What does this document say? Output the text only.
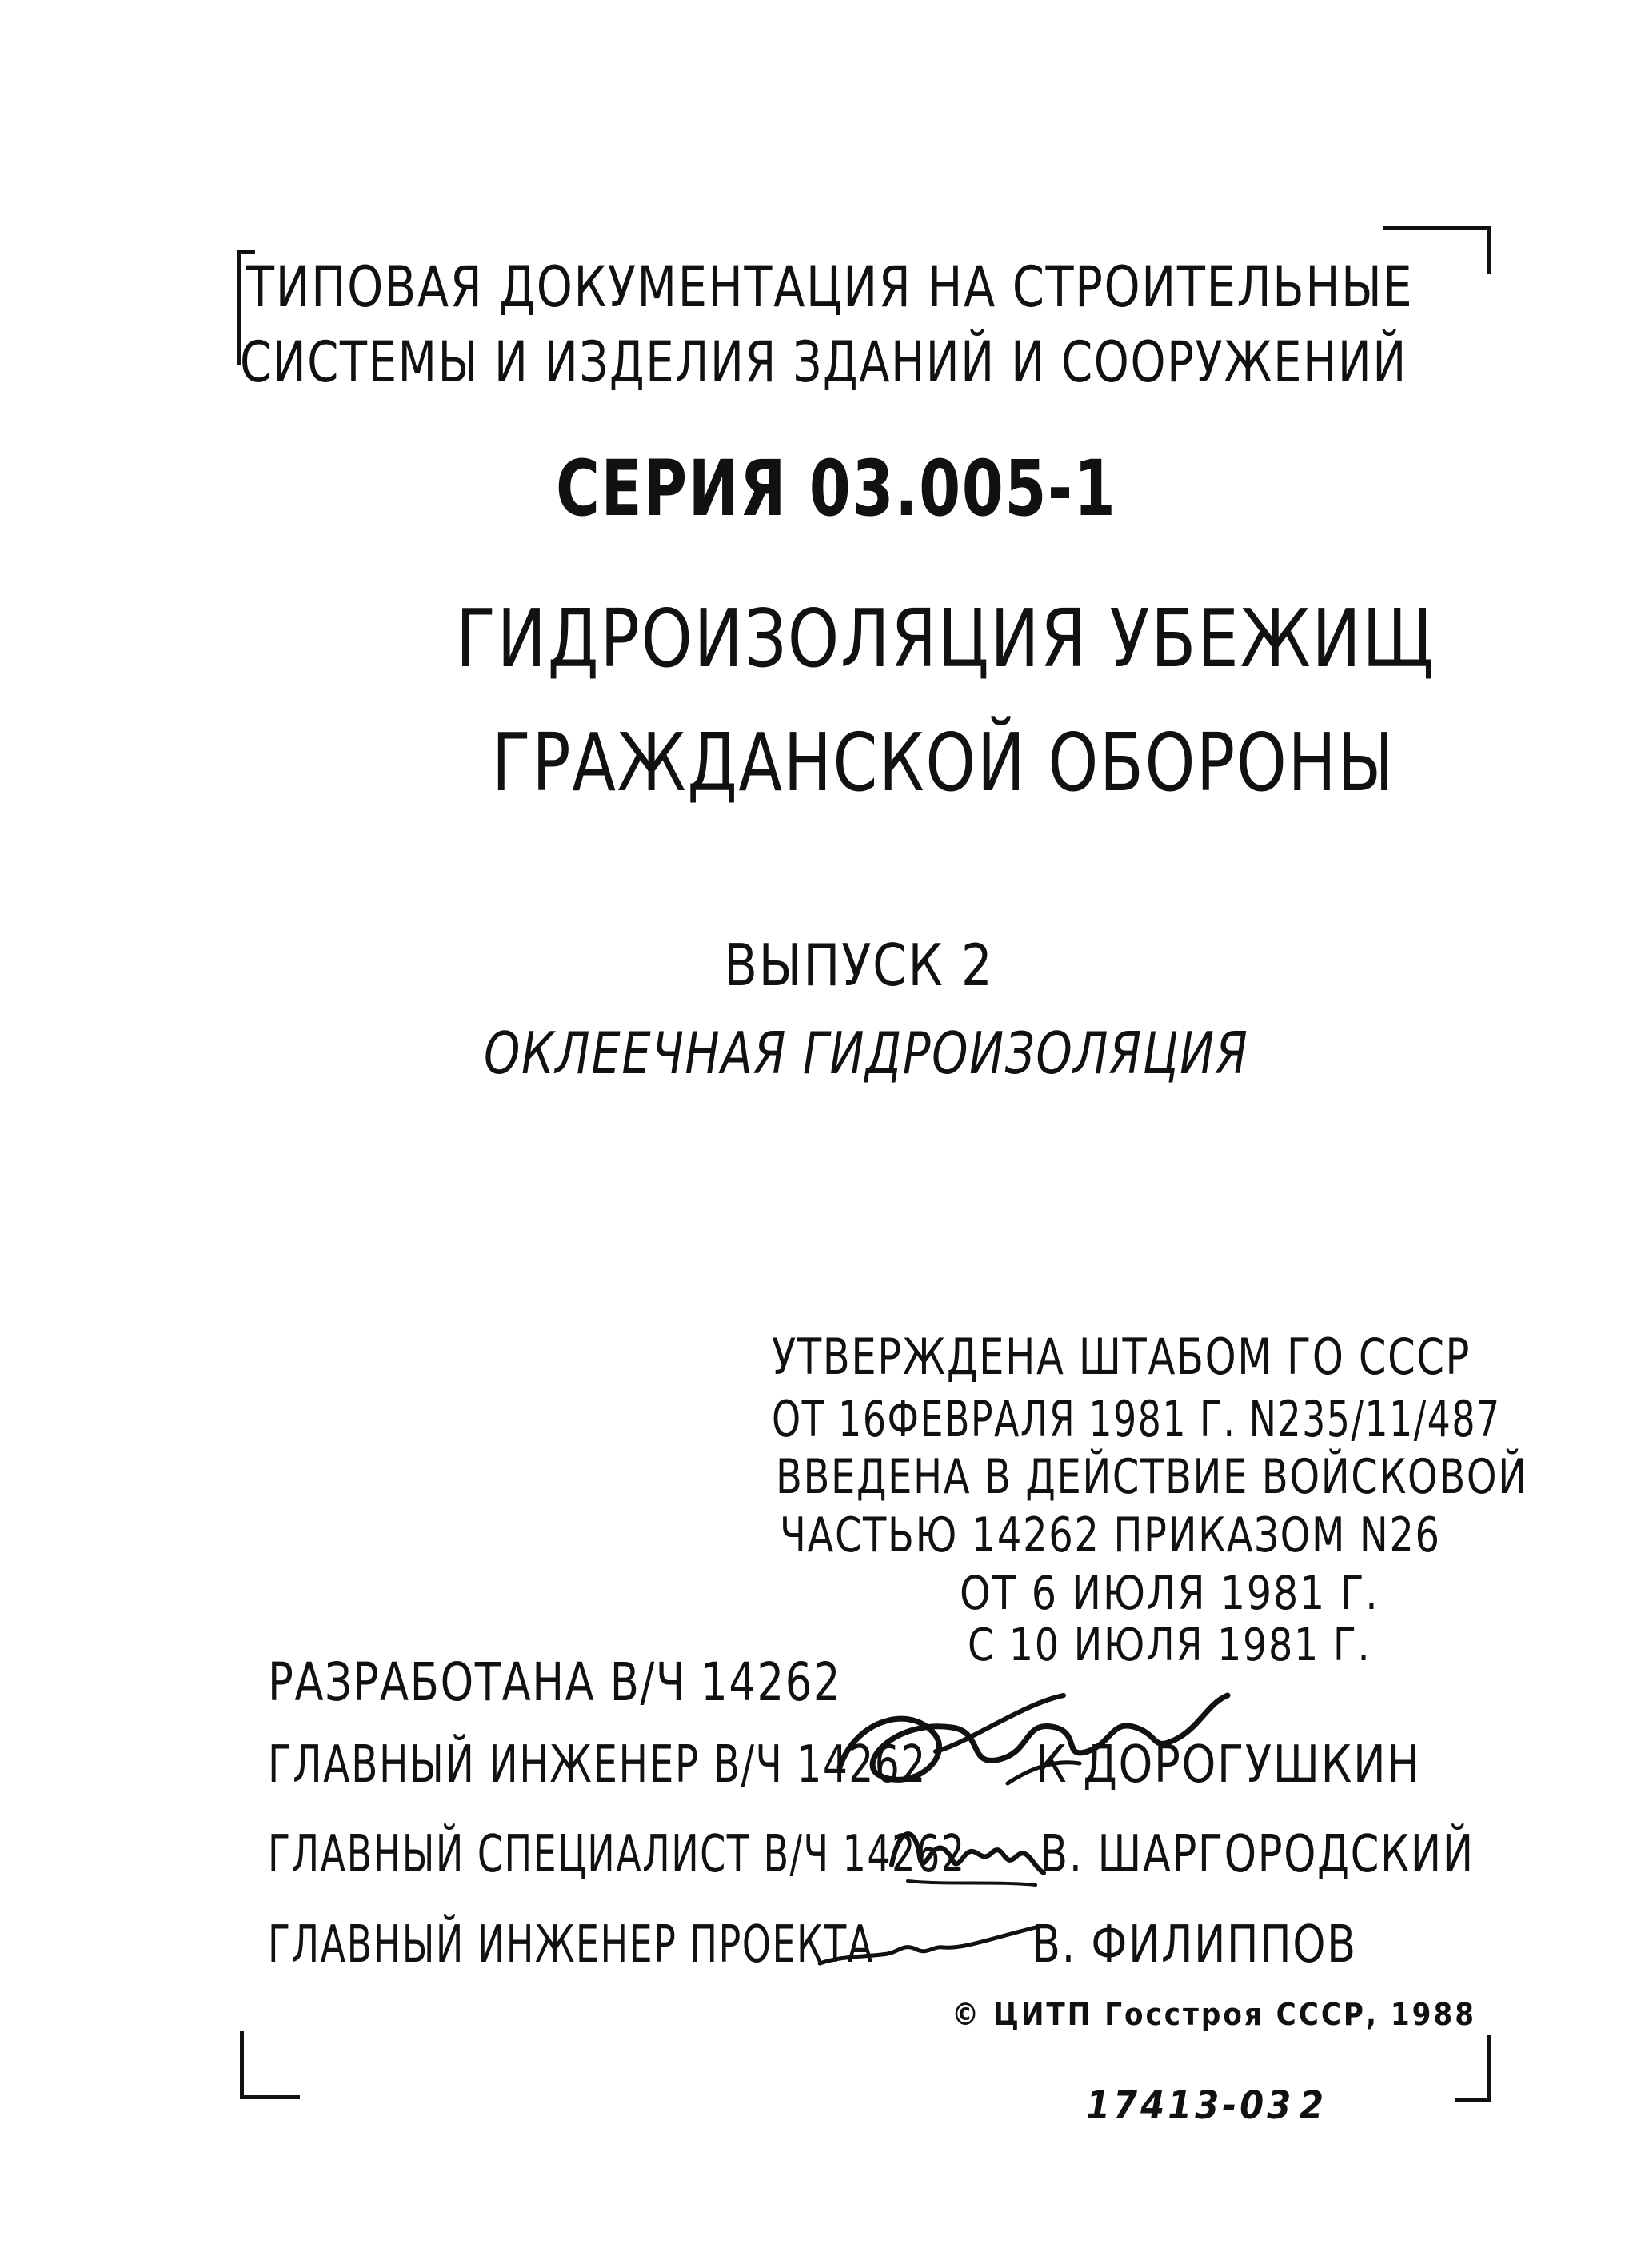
ТИПОВАЯ ДОКУМЕНТАЦИЯ НА СТРОИТЕЛЬНЫЕ
СИСТЕМЫ И ИЗДЕЛИЯ ЗДАНИЙ И СООРУЖЕНИЙ
СЕРИЯ 03.005-1
ГИДРОИЗОЛЯЦИЯ УБЕЖИЩ
ГРАЖДАНСКОЙ ОБОРОНЫ
ВЫПУСК 2
ОКЛЕЕЧНАЯ ГИДРОИЗОЛЯЦИЯ
УТВЕРЖДЕНА ШТАБОМ ГО СССР
ОТ 16ФЕВРАЛЯ 1981 Г. N235/11/487
ВВЕДЕНА В ДЕЙСТВИЕ ВОЙСКОВОЙ
ЧАСТЬЮ 14262 ПРИКАЗОМ N26
ОТ 6 ИЮЛЯ 1981 Г.
С 10 ИЮЛЯ 1981 Г.
РАЗРАБОТАНА В/Ч 14262
ГЛАВНЫЙ ИНЖЕНЕР В/Ч 14262 К ДОРОГУШКИН
ГЛАВНЫЙ СПЕЦИАЛИСТ В/Ч 14262 В. ШАРГОРОДСКИЙ
ГЛАВНЫЙ ИНЖЕНЕР ПРОЕКТА	В. ФИЛИППОВ
© ЦИТП Госстроя СССР, 1988
17413-03 2
